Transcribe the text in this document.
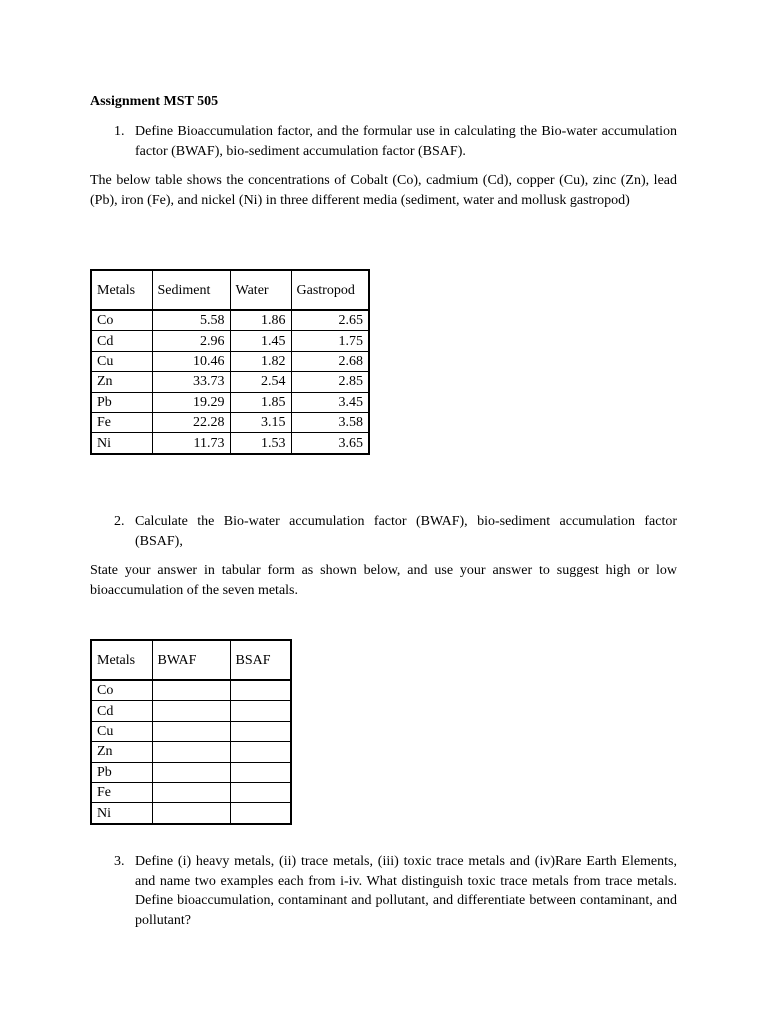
Assignment MST 505
1. Define Bioaccumulation factor, and the formular use in calculating the Bio-water accumulation factor (BWAF), bio-sediment accumulation factor (BSAF).
The below table shows the concentrations of Cobalt (Co), cadmium (Cd), copper (Cu), zinc (Zn), lead (Pb), iron (Fe), and nickel (Ni) in three different media (sediment, water and mollusk gastropod)
Metals	Sediment	Water	Gastropod
Co	5.58	1.86	2.65
Cd	2.96	1.45	1.75
Cu	10.46	1.82	2.68
Zn	33.73	2.54	2.85
Pb	19.29	1.85	3.45
Fe	22.28	3.15	3.58
Ni	11.73	1.53	3.65
2. Calculate the Bio-water accumulation factor (BWAF), bio-sediment accumulation factor (BSAF),
State your answer in tabular form as shown below, and use your answer to suggest high or low bioaccumulation of the seven metals.
Metals	BWAF	BSAF
Co		
Cd		
Cu		
Zn		
Pb		
Fe		
Ni		
3. Define (i) heavy metals, (ii) trace metals, (iii) toxic trace metals and (iv)Rare Earth Elements, and name two examples each from i-iv. What distinguish toxic trace metals from trace metals. Define bioaccumulation, contaminant and pollutant, and differentiate between contaminant, and pollutant?
